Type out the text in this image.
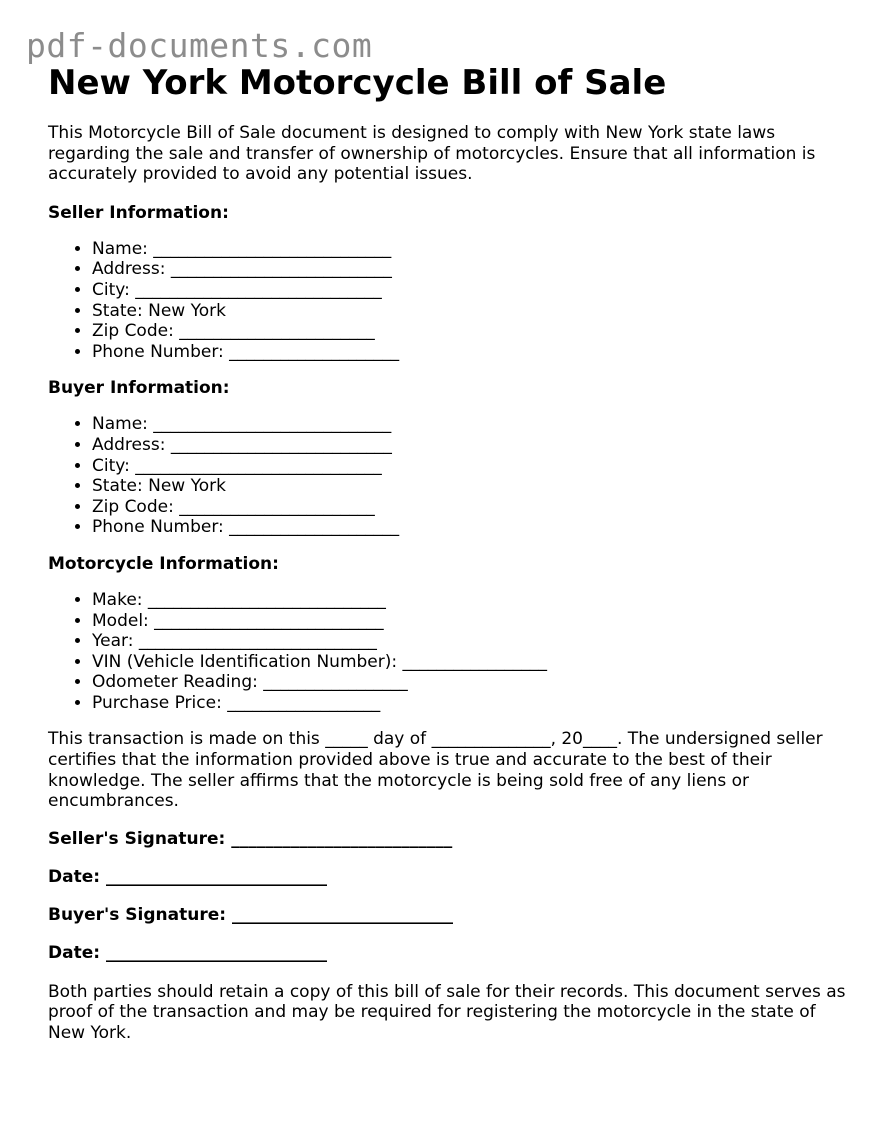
pdf-documents.com
New York Motorcycle Bill of Sale

This Motorcycle Bill of Sale document is designed to comply with New York state laws regarding the sale and transfer of ownership of motorcycles. Ensure that all information is accurately provided to avoid any potential issues.

Seller Information:
• Name: ____________________________
• Address: __________________________
• City: _____________________________
• State: New York
• Zip Code: _______________________
• Phone Number: ____________________
Buyer Information:
• Name: ____________________________
• Address: __________________________
• City: _____________________________
• State: New York
• Zip Code: _______________________
• Phone Number: ____________________
Motorcycle Information:
• Make: ____________________________
• Model: ___________________________
• Year: ____________________________
• VIN (Vehicle Identification Number): _________________
• Odometer Reading: _________________
• Purchase Price: __________________

This transaction is made on this _____ day of ______________, 20____. The undersigned seller certifies that the information provided above is true and accurate to the best of their knowledge. The seller affirms that the motorcycle is being sold free of any liens or encumbrances.

Seller's Signature: __________________________
Date: __________________________
Buyer's Signature: __________________________
Date: __________________________

Both parties should retain a copy of this bill of sale for their records. This document serves as proof of the transaction and may be required for registering the motorcycle in the state of New York.
